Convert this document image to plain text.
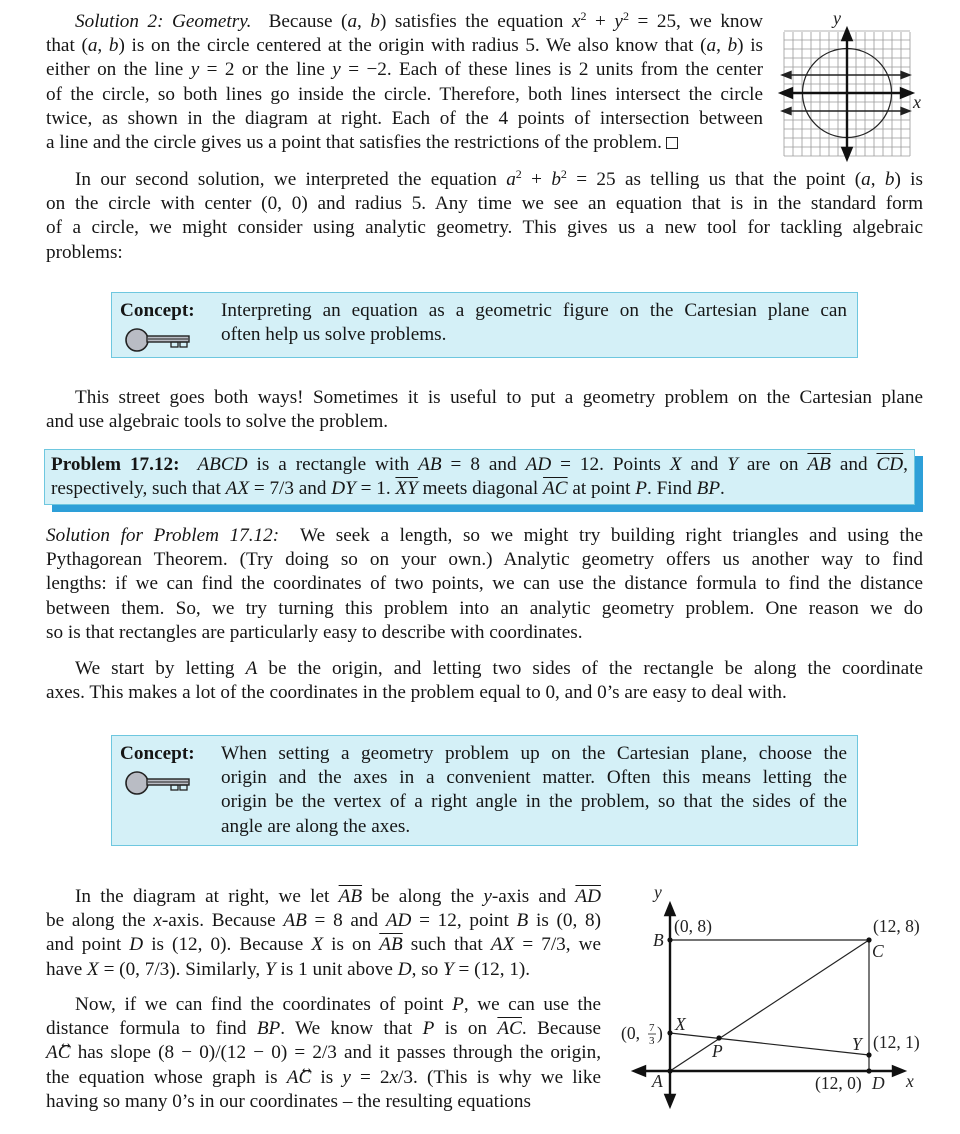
Solution 2: Geometry.  Because (a, b) satisfies the equation $x^2 + y^2 = 25$, we know
that (a, b) is on the circle centered at the origin with radius 5. We also know that (a, b) is
either on the line y = 2 or the line y = −2. Each of these lines is 2 units from the center
of the circle, so both lines go inside the circle. Therefore, both lines intersect the circle
twice, as shown in the diagram at right. Each of the 4 points of intersection between
a line and the circle gives us a point that satisfies the restrictions of the problem.
x
y
In our second solution, we interpreted the equation $a^2 + b^2 = 25$ as telling us that the point (a, b) is
on the circle with center (0, 0) and radius 5. Any time we see an equation that is in the standard form
of a circle, we might consider using analytic geometry. This gives us a new tool for tackling algebraic
problems:
Concept: Interpreting an equation as a geometric figure on the Cartesian plane can
often help us solve problems.
This street goes both ways! Sometimes it is useful to put a geometry problem on the Cartesian plane
and use algebraic tools to solve the problem.
Problem 17.12: ABCD is a rectangle with AB = 8 and AD = 12. Points X and Y are on $\overline{AB}$ and $\overline{CD}$,
respectively, such that AX = 7/3 and DY = 1. $\overline{XY}$ meets diagonal $\overline{AC}$ at point P. Find BP.
Solution for Problem 17.12: We seek a length, so we might try building right triangles and using the
Pythagorean Theorem. (Try doing so on your own.) Analytic geometry offers us another way to find
lengths: if we can find the coordinates of two points, we can use the distance formula to find the distance
between them. So, we try turning this problem into an analytic geometry problem. One reason we do
so is that rectangles are particularly easy to describe with coordinates.
We start by letting A be the origin, and letting two sides of the rectangle be along the coordinate
axes. This makes a lot of the coordinates in the problem equal to 0, and 0’s are easy to deal with.
Concept: When setting a geometry problem up on the Cartesian plane, choose the
origin and the axes in a convenient matter. Often this means letting the
origin be the vertex of a right angle in the problem, so that the sides of the
angle are along the axes.
In the diagram at right, we let $\overline{AB}$ be along the y-axis and $\overline{AD}$
be along the x-axis. Because AB = 8 and AD = 12, point B is (0, 8)
and point D is (12, 0). Because X is on $\overline{AB}$ such that AX = 7/3, we
have X = (0, 7/3). Similarly, Y is 1 unit above D, so Y = (12, 1).
Now, if we can find the coordinates of point P, we can use the
distance formula to find BP. We know that P is on $\overline{AC}$. Because
AC⃡ has slope (8 − 0)/(12 − 0) = 2/3 and it passes through the origin,
the equation whose graph is AC⃡ is y = 2x/3. (This is why we like
having so many 0’s in our coordinates – the resulting equations
y
x
B
(0, 8)	(12, 8)
C
X
(0, 7
3 )
P	Y (12, 1)
A	(12, 0) D
